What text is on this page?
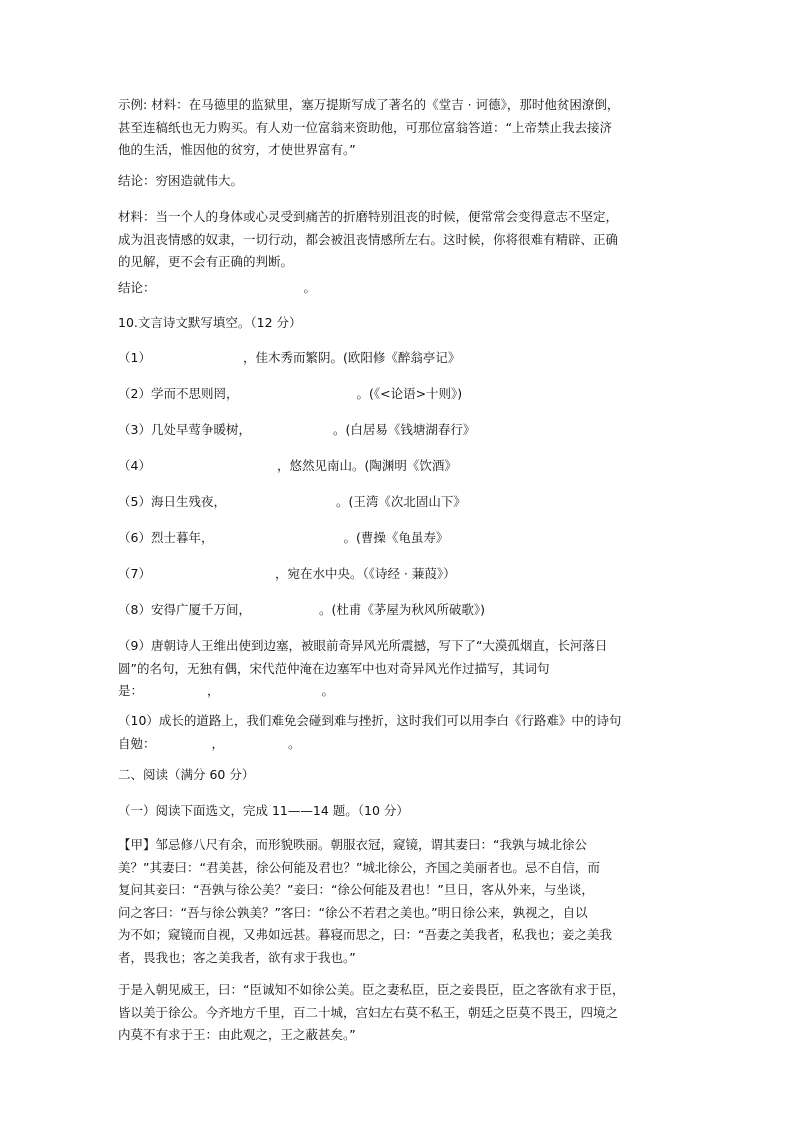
示例: 材料：在马德里的监狱里，塞万提斯写成了著名的《堂吉 · 诃德》，那时他贫困潦倒，
甚至连稿纸也无力购买。有人劝一位富翁来资助他，可那位富翁答道：“上帝禁止我去接济
他的生活，惟因他的贫穷，才使世界富有。”
结论：穷困造就伟大。
材料：当一个人的身体或心灵受到痛苦的折磨特别沮丧的时候，便常常会变得意志不坚定，
成为沮丧情感的奴隶，一切行动，都会被沮丧情感所左右。这时候，你将很难有精辟、正确
的见解，更不会有正确的判断。
结论：	。
10.文言诗文默写填空。（12 分）
（1）	，佳木秀而繁阴。(欧阳修《醉翁亭记》
（2）学而不思则罔，	。(《<论语>十则》)
（3）几处早莺争暖树，	。(白居易《钱塘湖春行》
（4）	，悠然见南山。(陶渊明《饮酒》
（5）海日生残夜，	。(王湾《次北固山下》
（6）烈士暮年，	。(曹操《龟虽寿》
（7）	，宛在水中央。（《诗经 · 蒹葭》）
（8）安得广厦千万间，	。(杜甫《茅屋为秋风所破歌》)
（9）唐朝诗人王维出使到边塞，被眼前奇异风光所震撼，写下了“大漠孤烟直，长河落日
圆”的名句，无独有偶，宋代范仲淹在边塞军中也对奇异风光作过描写，其词句
是：	，	。
（10）成长的道路上，我们难免会碰到难与挫折，这时我们可以用李白《行路难》中的诗句
自勉：	，	。
二、阅读（满分 60 分）
（一）阅读下面选文，完成 11——14 题。（10 分）
【甲】邹忌修八尺有余，而形貌昳丽。朝服衣冠，窥镜，谓其妻曰：“我孰与城北徐公
美？”其妻曰：“君美甚，徐公何能及君也？”城北徐公，齐国之美丽者也。忌不自信，而
复问其妾曰：“吾孰与徐公美？”妾曰：“徐公何能及君也！”旦日，客从外来，与坐谈，
问之客曰：“吾与徐公孰美？”客曰：“徐公不若君之美也。”明日徐公来，孰视之，自以
为不如；窥镜而自视，又弗如远甚。暮寝而思之，曰：“吾妻之美我者，私我也；妾之美我
者，畏我也；客之美我者，欲有求于我也。”
于是入朝见威王，曰：“臣诚知不如徐公美。臣之妻私臣，臣之妾畏臣，臣之客欲有求于臣，
皆以美于徐公。今齐地方千里，百二十城，宫妇左右莫不私王，朝廷之臣莫不畏王，四境之
内莫不有求于王：由此观之，王之蔽甚矣。”
